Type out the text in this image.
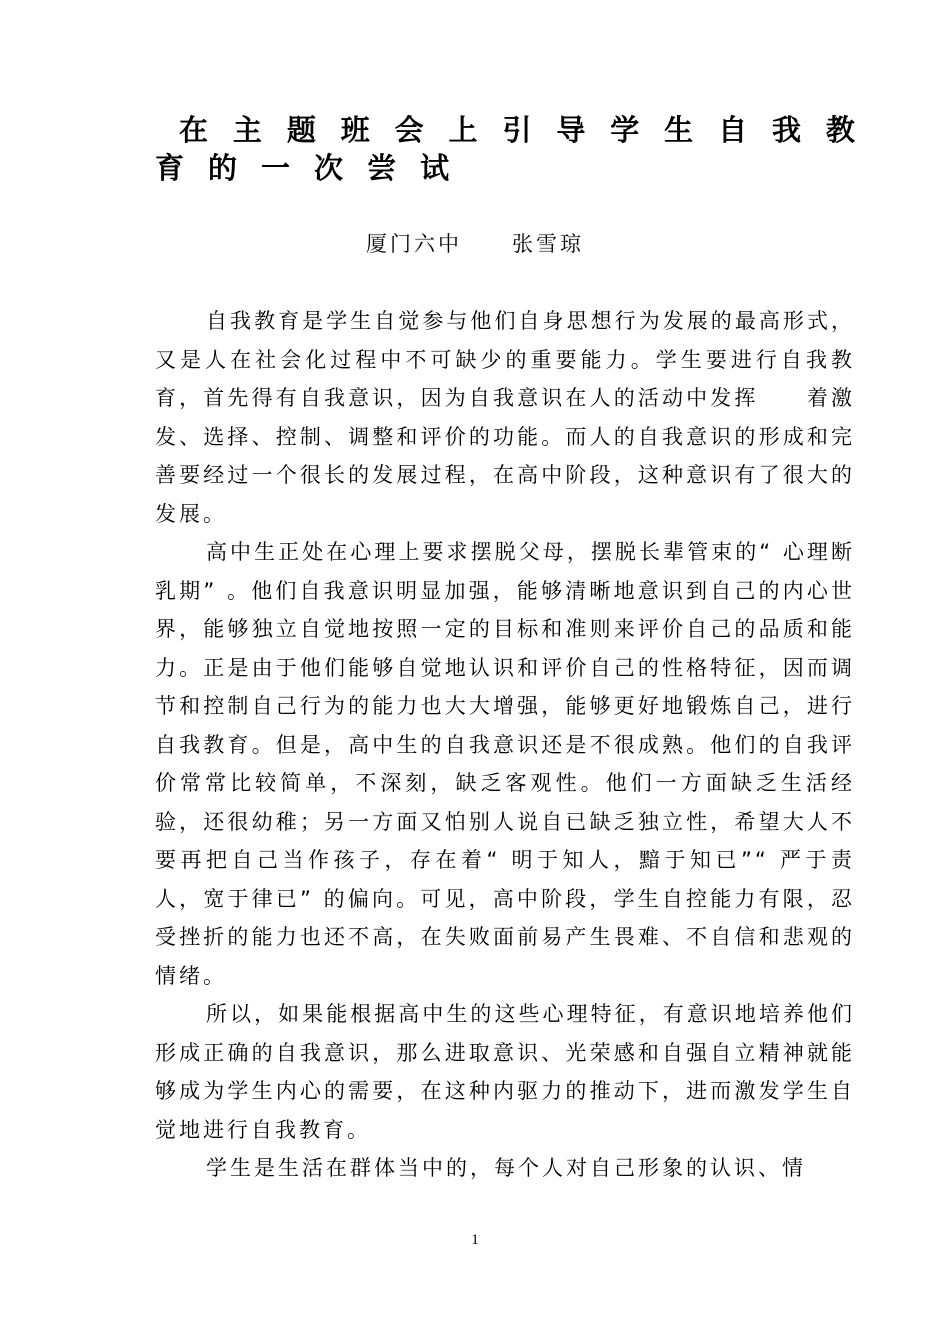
在 主 题 班 会 上 引 导 学 生 自 我 教
育 的 一 次 尝 试
厦门六中 张雪琼

自我教育是学生自觉参与他们自身思想行为发展的最高形式，又是人在社会化过程中不可缺少的重要能力。学生要进行自我教育，首先得有自我意识，因为自我意识在人的活动中发挥　　着激发、选择、控制、调整和评价的功能。而人的自我意识的形成和完善要经过一个很长的发展过程，在高中阶段，这种意识有了很大的发展。

高中生正处在心理上要求摆脱父母，摆脱长辈管束的“ 心理断乳期” 。他们自我意识明显加强，能够清晰地意识到自己的内心世界，能够独立自觉地按照一定的目标和准则来评价自己的品质和能力。正是由于他们能够自觉地认识和评价自己的性格特征，因而调节和控制自己行为的能力也大大增强，能够更好地锻炼自己，进行自我教育。但是，高中生的自我意识还是不很成熟。他们的自我评价常常比较简单，不深刻，缺乏客观性。他们一方面缺乏生活经验，还很幼稚；另一方面又怕别人说自已缺乏独立性，希望大人不要再把自己当作孩子，存在着“ 明于知人，黯于知已”“ 严于责人，宽于律已” 的偏向。可见，高中阶段，学生自控能力有限，忍受挫折的能力也还不高，在失败面前易产生畏难、不自信和悲观的情绪。

所以，如果能根据高中生的这些心理特征，有意识地培养他们形成正确的自我意识，那么进取意识、光荣感和自强自立精神就能够成为学生内心的需要，在这种内驱力的推动下，进而激发学生自觉地进行自我教育。

学生是生活在群体当中的，每个人对自己形象的认识、情

1
